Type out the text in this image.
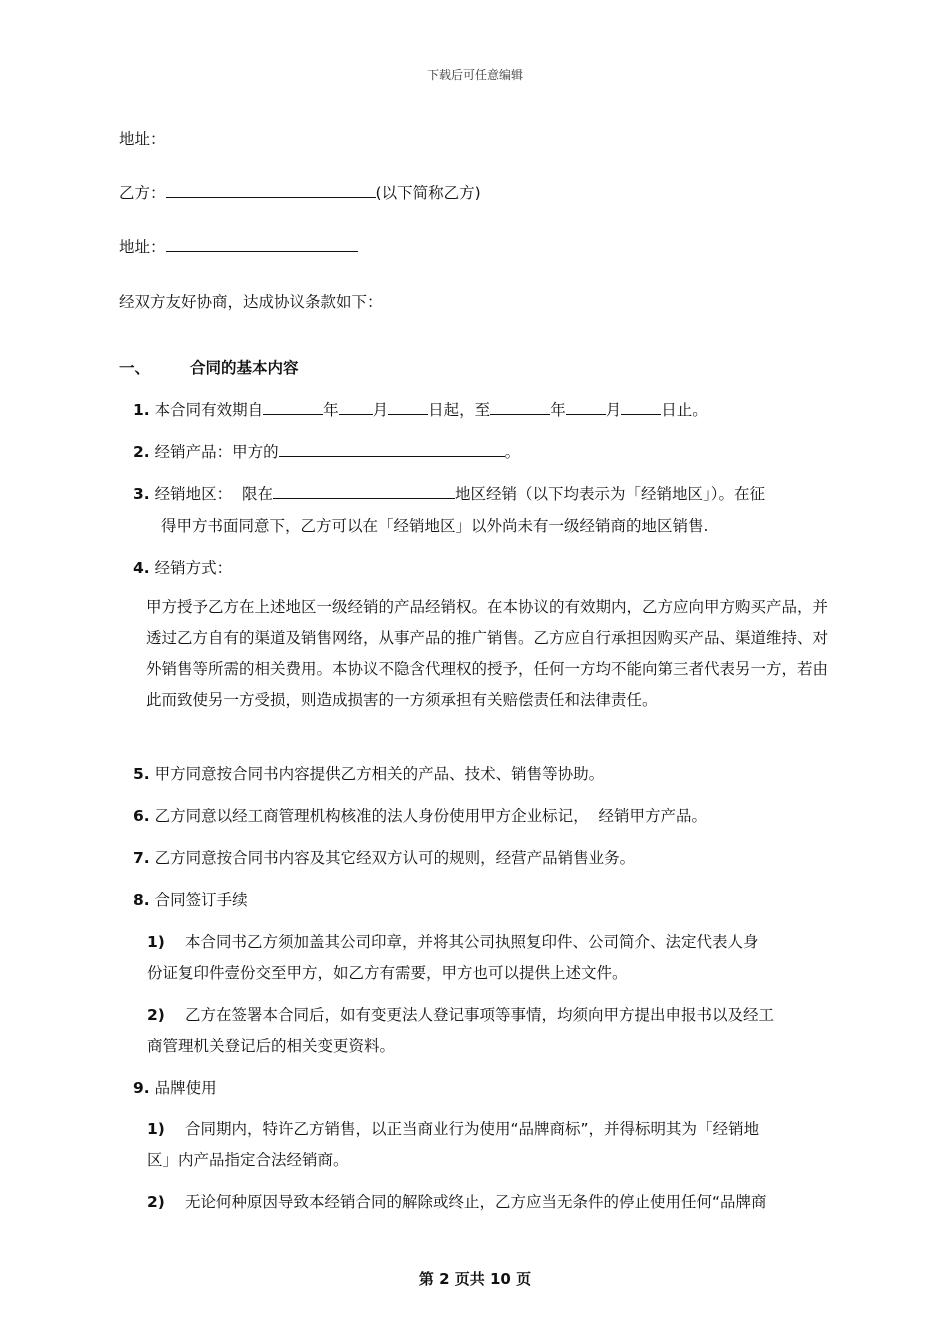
下载后可任意编辑
地址：
乙方：	(以下简称乙方)
地址：
经双方友好协商，达成协议条款如下：
一、	合同的基本内容
1. 本合同有效期自	年 月	日起，至	年	月	日止。
2. 经销产品：甲方的	。
3. 经销地区：  限在	地区经销（以下均表示为「经销地区」）。在征
得甲方书面同意下，乙方可以在「经销地区」以外尚未有一级经销商的地区销售.
4. 经销方式：
甲方授予乙方在上述地区一级经销的产品经销权。在本协议的有效期内，乙方应向甲方购买产品，并透过乙方自有的渠道及销售网络，从事产品的推广销售。乙方应自行承担因购买产品、渠道维持、对外销售等所需的相关费用。本协议不隐含代理权的授予，任何一方均不能向第三者代表另一方，若由此而致使另一方受损，则造成损害的一方须承担有关赔偿责任和法律责任。
5. 甲方同意按合同书内容提供乙方相关的产品、技术、销售等协助。
6. 乙方同意以经工商管理机构核准的法人身份使用甲方企业标记，  经销甲方产品。
7. 乙方同意按合同书内容及其它经双方认可的规则，经营产品销售业务。
8. 合同签订手续
1) 本合同书乙方须加盖其公司印章，并将其公司执照复印件、公司简介、法定代表人身
份证复印件壹份交至甲方，如乙方有需要，甲方也可以提供上述文件。
2) 乙方在签署本合同后，如有变更法人登记事项等事情，均须向甲方提出申报书以及经工
商管理机关登记后的相关变更资料。
9. 品牌使用
1) 合同期内，特许乙方销售，以正当商业行为使用“品牌商标”，并得标明其为「经销地
区」内产品指定合法经销商。
2) 无论何种原因导致本经销合同的解除或终止，乙方应当无条件的停止使用任何“品牌商
第 2 页共 10 页
